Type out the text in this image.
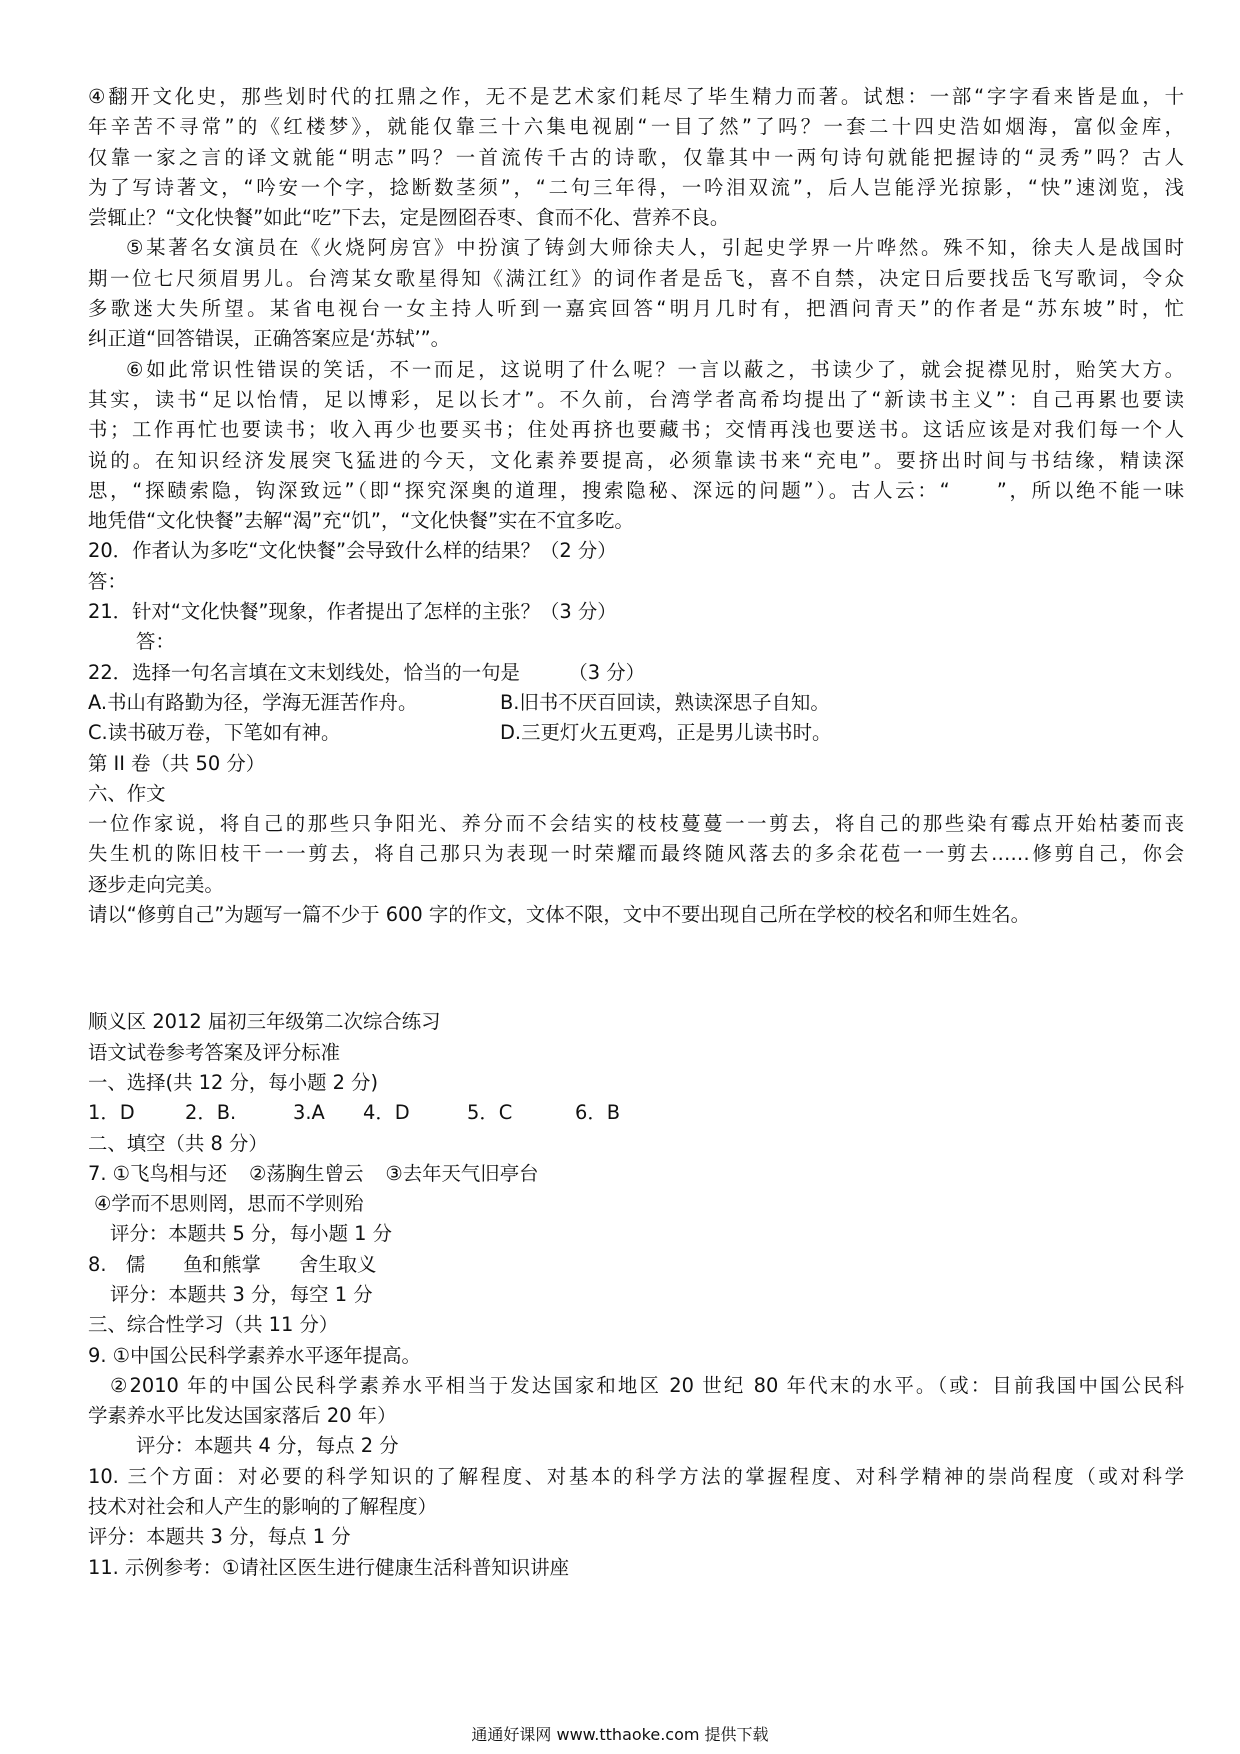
④翻开文化史，那些划时代的扛鼎之作，无不是艺术家们耗尽了毕生精力而著。试想：一部“字字看来皆是血，十
年辛苦不寻常”的《红楼梦》，就能仅靠三十六集电视剧“一目了然”了吗？一套二十四史浩如烟海，富似金库，
仅靠一家之言的译文就能“明志”吗？一首流传千古的诗歌，仅靠其中一两句诗句就能把握诗的“灵秀”吗？古人
为了写诗著文，“吟安一个字，捻断数茎须”，“二句三年得，一吟泪双流”，后人岂能浮光掠影，“快”速浏览，浅
尝辄止？“文化快餐”如此“吃”下去，定是囫囵吞枣、食而不化、营养不良。
⑤某著名女演员在《火烧阿房宫》中扮演了铸剑大师徐夫人，引起史学界一片哗然。殊不知，徐夫人是战国时
期一位七尺须眉男儿。台湾某女歌星得知《满江红》的词作者是岳飞，喜不自禁，决定日后要找岳飞写歌词，令众
多歌迷大失所望。某省电视台一女主持人听到一嘉宾回答“明月几时有，把酒问青天”的作者是“苏东坡”时，忙
纠正道“回答错误，正确答案应是‘苏轼’”。
⑥如此常识性错误的笑话，不一而足，这说明了什么呢？一言以蔽之，书读少了，就会捉襟见肘，贻笑大方。
其实，读书“足以怡情，足以博彩，足以长才”。不久前，台湾学者高希均提出了“新读书主义”：自己再累也要读
书；工作再忙也要读书；收入再少也要买书；住处再挤也要藏书；交情再浅也要送书。这话应该是对我们每一个人
说的。在知识经济发展突飞猛进的今天，文化素养要提高，必须靠读书来“充电”。要挤出时间与书结缘，精读深
思，“探赜索隐，钩深致远”（即“探究深奥的道理，搜索隐秘、深远的问题”）。古人云：“　　”，所以绝不能一味
地凭借“文化快餐”去解“渴”充“饥”，“文化快餐”实在不宜多吃。
20．作者认为多吃“文化快餐”会导致什么样的结果？（2 分）
答：
21．针对“文化快餐”现象，作者提出了怎样的主张？（3 分）
答：
22．选择一句名言填在文末划线处，恰当的一句是　　　（3 分）
A.书山有路勤为径，学海无涯苦作舟。	B.旧书不厌百回读，熟读深思子自知。
C.读书破万卷，下笔如有神。	D.三更灯火五更鸡，正是男儿读书时。
第 II 卷（共 50 分）
六、作文
一位作家说，将自己的那些只争阳光、养分而不会结实的枝枝蔓蔓一一剪去，将自己的那些染有霉点开始枯萎而丧
失生机的陈旧枝干一一剪去，将自己那只为表现一时荣耀而最终随风落去的多余花苞一一剪去……修剪自己，你会
逐步走向完美。
请以“修剪自己”为题写一篇不少于 600 字的作文，文体不限，文中不要出现自己所在学校的校名和师生姓名。
顺义区 2012 届初三年级第二次综合练习
语文试卷参考答案及评分标准
一、选择(共 12 分，每小题 2 分)
1．D	2．B.	3.A 4．D	5．C	6．B
二、填空（共 8 分）
7. ①飞鸟相与还 ②荡胸生曾云 ③去年天气旧亭台
④学而不思则罔，思而不学则殆
评分：本题共 5 分，每小题 1 分
8.　儒 鱼和熊掌 舍生取义
评分：本题共 3 分，每空 1 分
三、综合性学习（共 11 分）
9. ①中国公民科学素养水平逐年提高。
②2010 年的中国公民科学素养水平相当于发达国家和地区 20 世纪 80 年代末的水平。（或：目前我国中国公民科
学素养水平比发达国家落后 20 年）
评分：本题共 4 分，每点 2 分
10. 三个方面：对必要的科学知识的了解程度、对基本的科学方法的掌握程度、对科学精神的崇尚程度（或对科学
技术对社会和人产生的影响的了解程度）
评分：本题共 3 分，每点 1 分
11. 示例参考：①请社区医生进行健康生活科普知识讲座
通通好课网 www.tthaoke.com 提供下载
